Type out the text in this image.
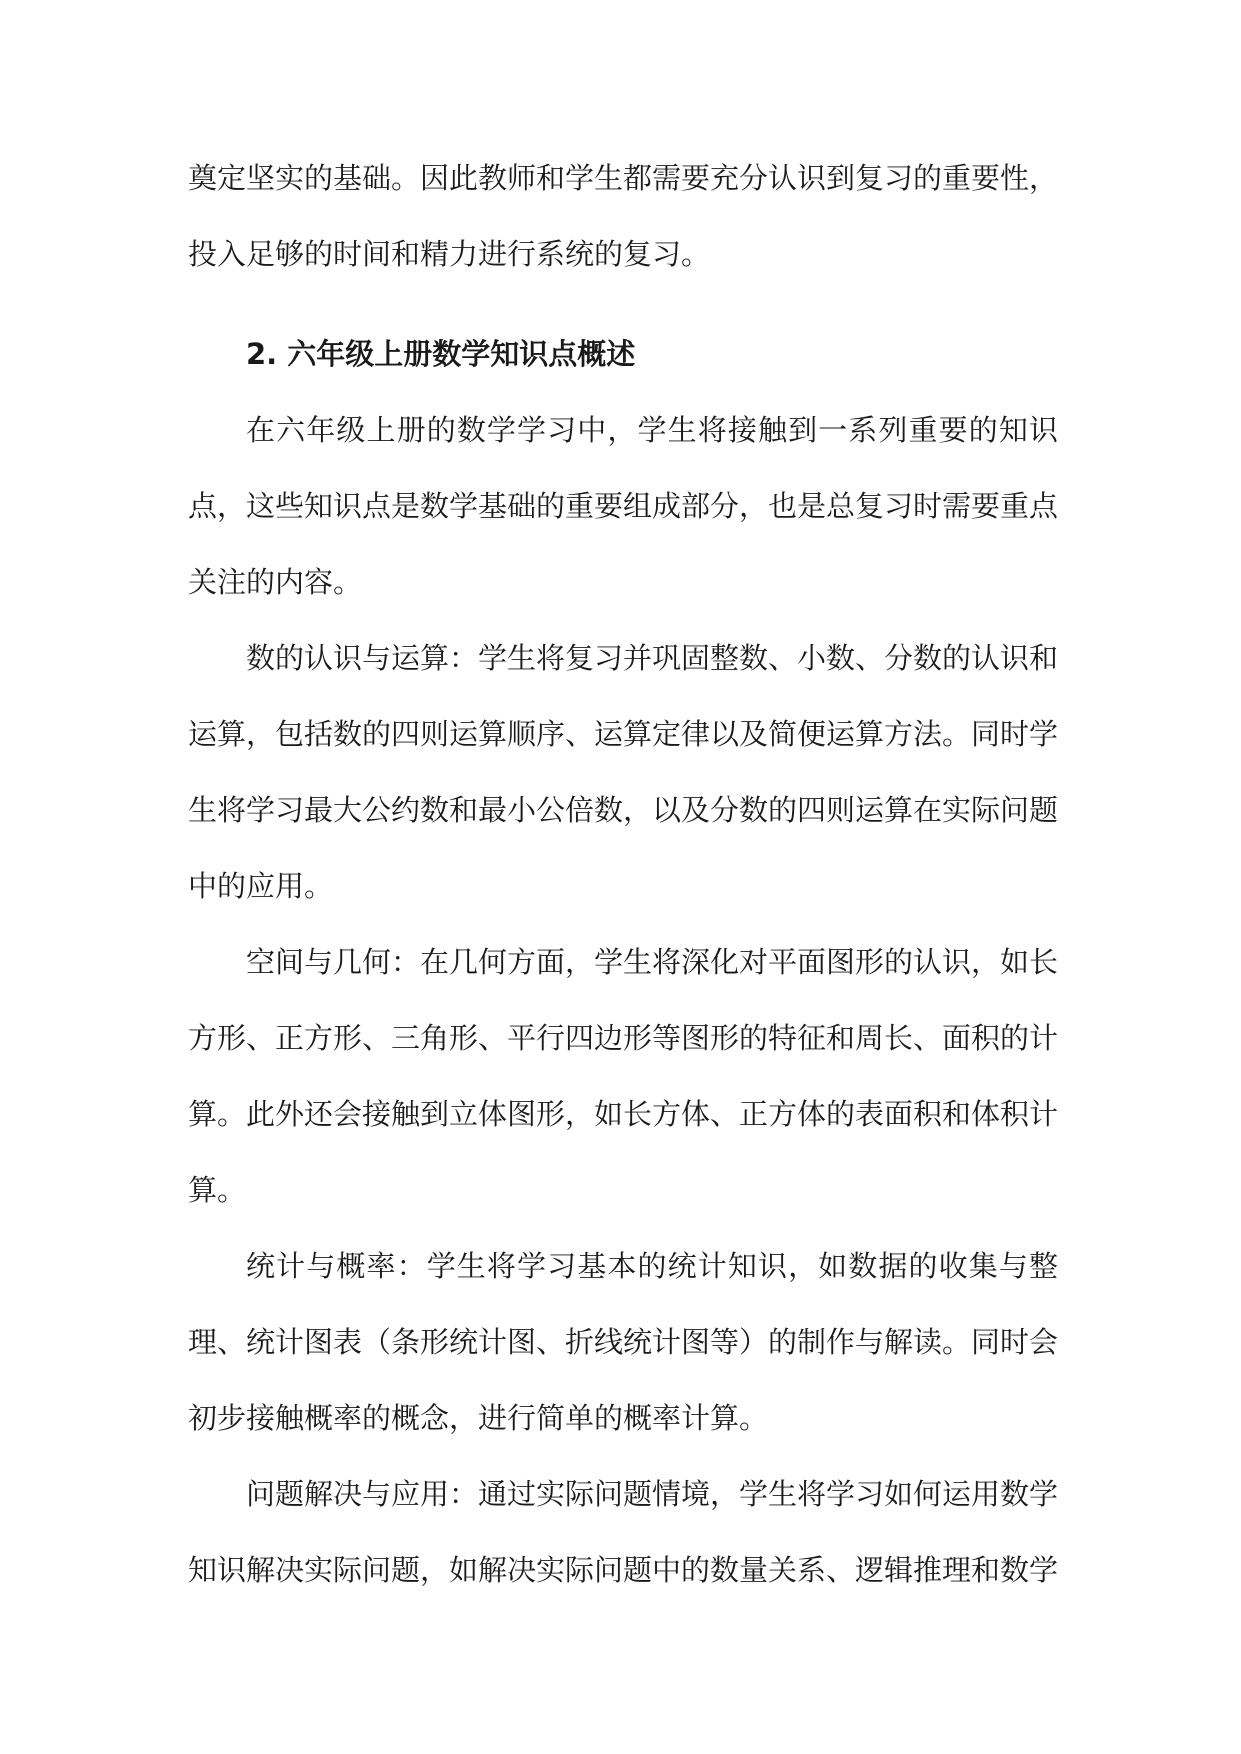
奠定坚实的基础。因此教师和学生都需要充分认识到复习的重要性，投入足够的时间和精力进行系统的复习。

2. 六年级上册数学知识点概述

在六年级上册的数学学习中，学生将接触到一系列重要的知识点，这些知识点是数学基础的重要组成部分，也是总复习时需要重点关注的内容。

数的认识与运算：学生将复习并巩固整数、小数、分数的认识和运算，包括数的四则运算顺序、运算定律以及简便运算方法。同时学生将学习最大公约数和最小公倍数，以及分数的四则运算在实际问题中的应用。

空间与几何：在几何方面，学生将深化对平面图形的认识，如长方形、正方形、三角形、平行四边形等图形的特征和周长、面积的计算。此外还会接触到立体图形，如长方体、正方体的表面积和体积计算。

统计与概率：学生将学习基本的统计知识，如数据的收集与整理、统计图表（条形统计图、折线统计图等）的制作与解读。同时会初步接触概率的概念，进行简单的概率计算。

问题解决与应用：通过实际问题情境，学生将学习如何运用数学知识解决实际问题，如解决实际问题中的数量关系、逻辑推理和数学
